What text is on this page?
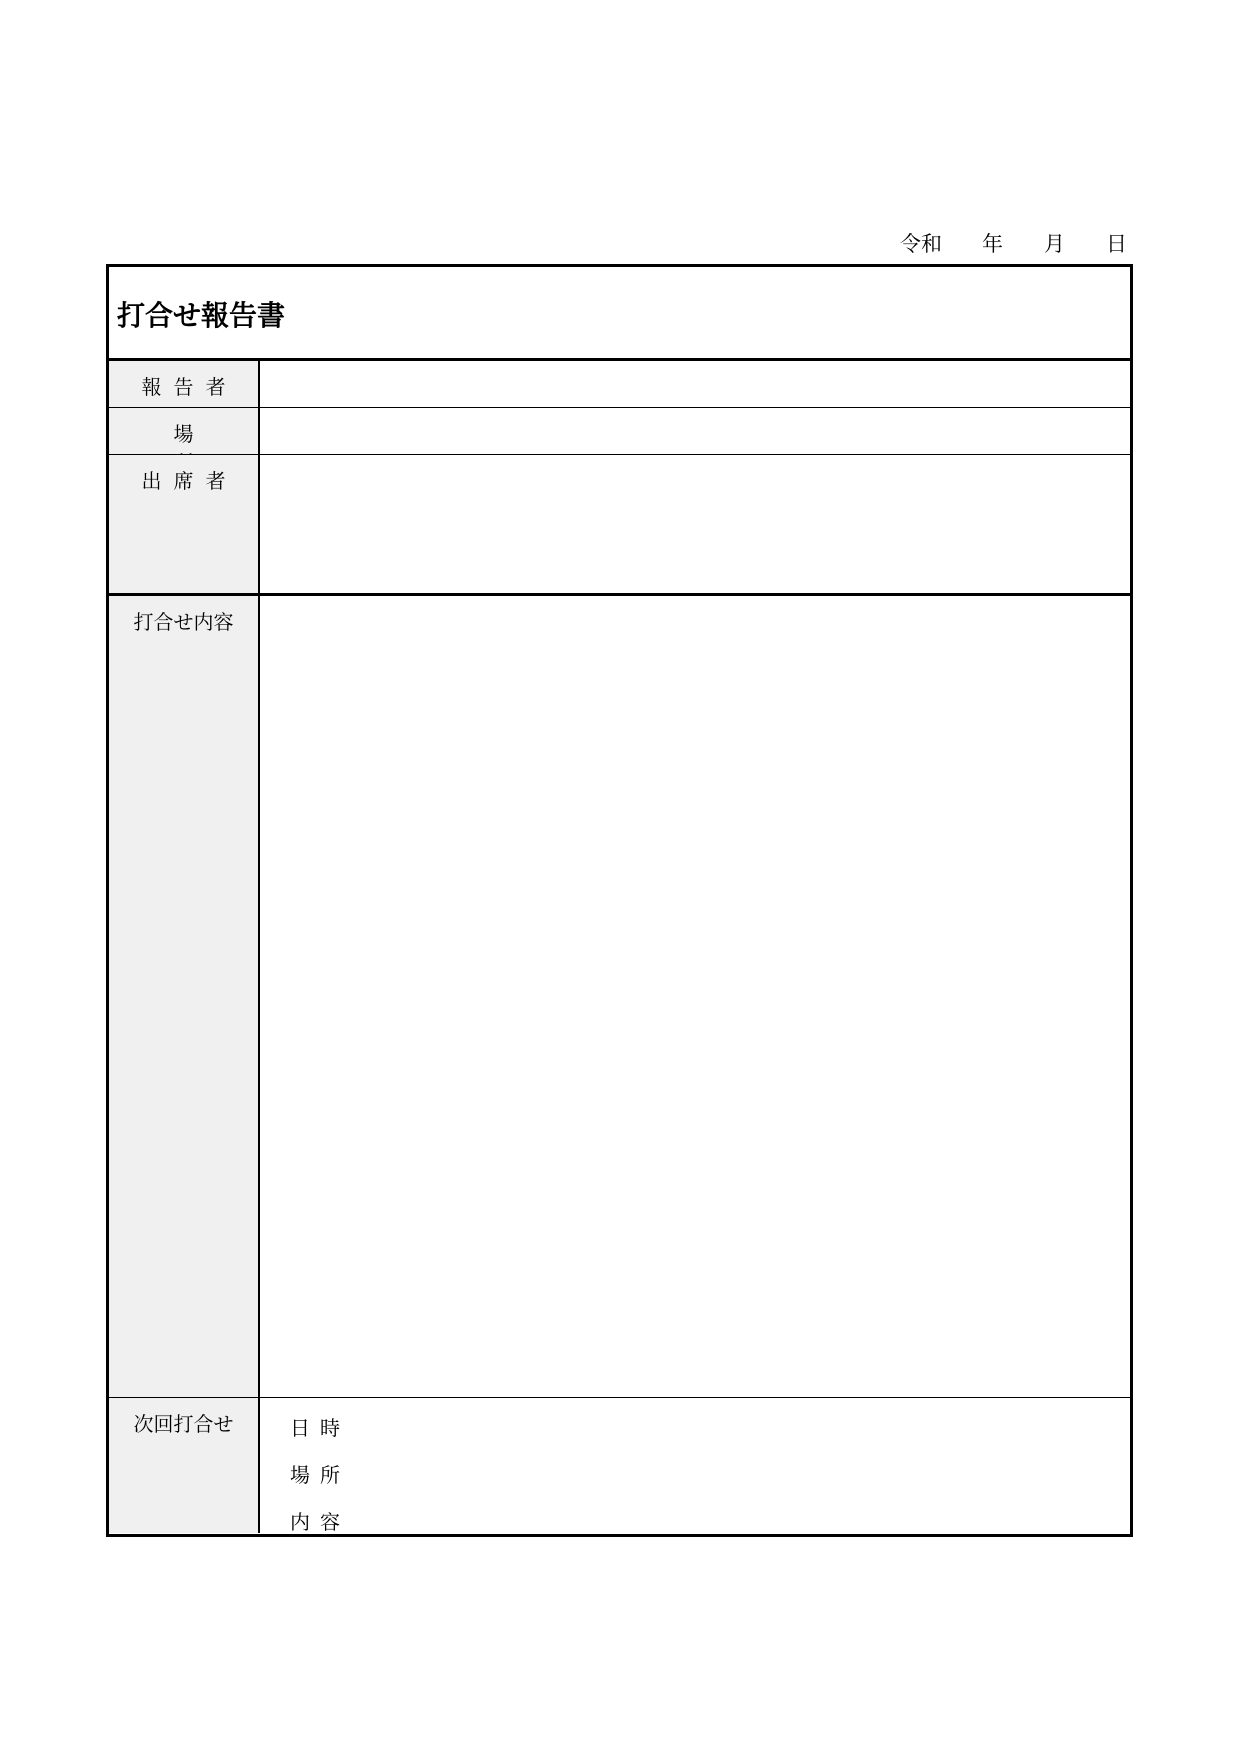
令和 年 月 日
打合せ報告書
報告者
場
出席者
打合せ内容
次回打合せ	日時
場所
内容
